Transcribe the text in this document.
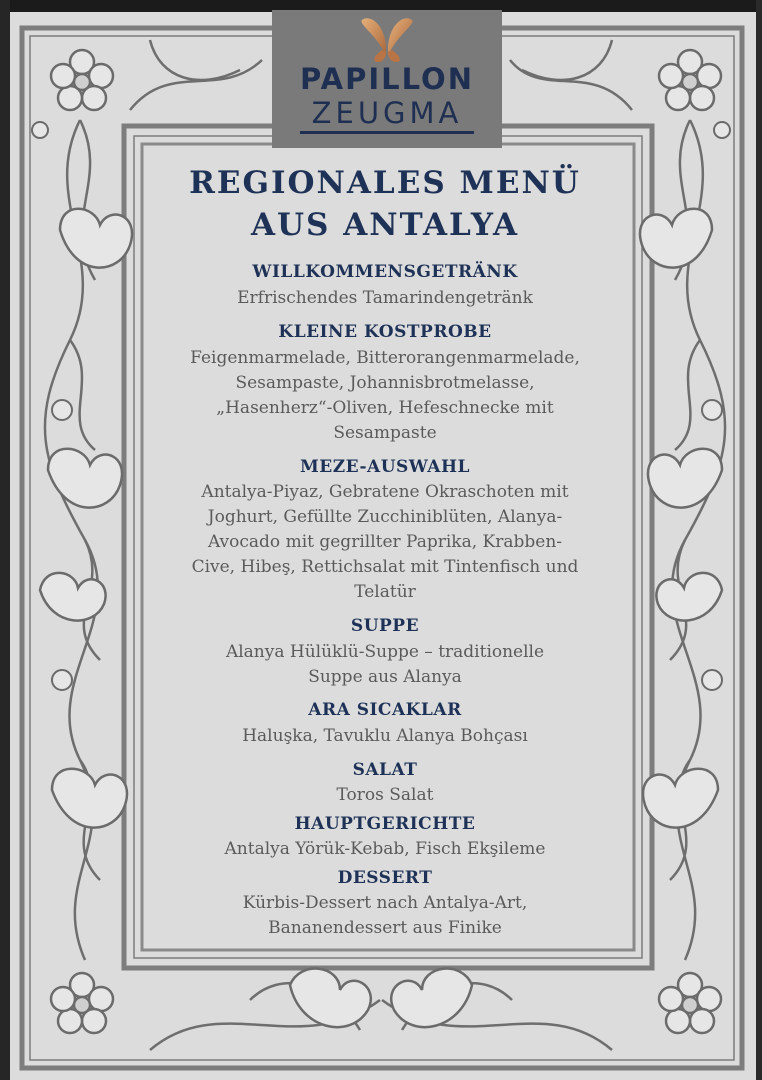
PAPILLON
ZEUGMA
REGIONALES MENÜ
AUS ANTALYA
WILLKOMMENSGETRÄNK
Erfrischendes Tamarindengetränk
KLEINE KOSTPROBE
Feigenmarmelade, Bitterorangenmarmelade,
Sesampaste, Johannisbrotmelasse,
„Hasenherz“-Oliven, Hefeschnecke mit
Sesampaste
MEZE-AUSWAHL
Antalya-Piyaz, Gebratene Okraschoten mit
Joghurt, Gefüllte Zucchiniblüten, Alanya-
Avocado mit gegrillter Paprika, Krabben-
Cive, Hibeş, Rettichsalat mit Tintenfisch und
Telatür
SUPPE
Alanya Hülüklü-Suppe – traditionelle
Suppe aus Alanya
ARA SICAKLAR
Haluşka, Tavuklu Alanya Bohçası
SALAT
Toros Salat
HAUPTGERICHTE
Antalya Yörük-Kebab, Fisch Ekşileme
DESSERT
Kürbis-Dessert nach Antalya-Art,
Bananendessert aus Finike
